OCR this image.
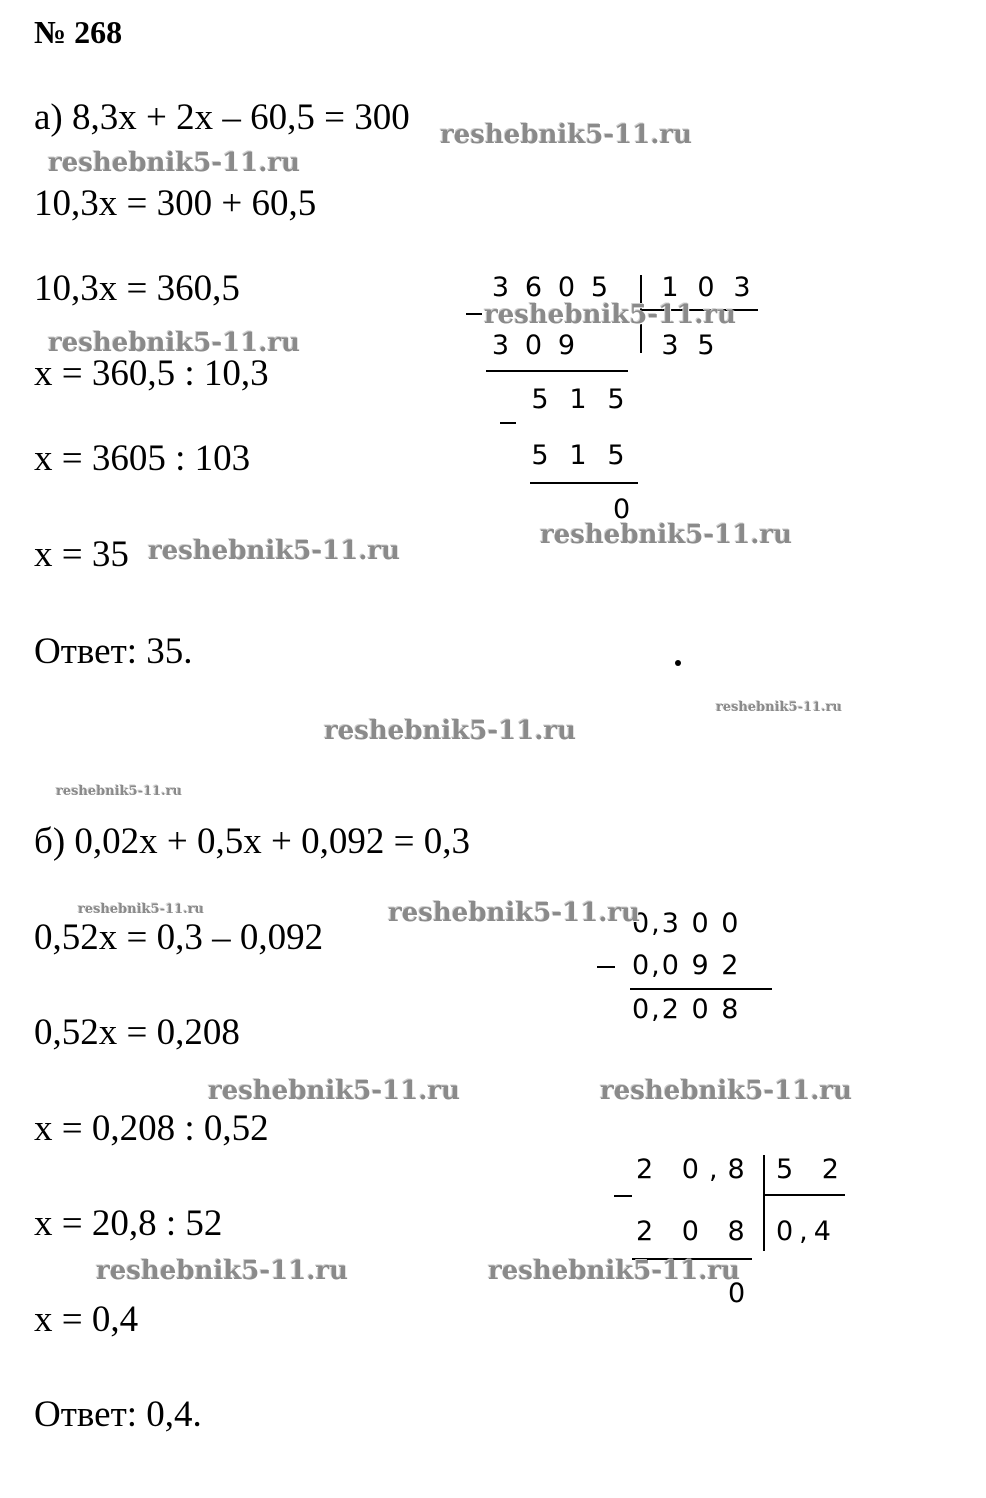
№ 268
а) 8,3x + 2x – 60,5 = 300
10,3x = 300 + 60,5
10,3x = 360,5
x = 360,5 : 10,3
x = 3605 : 103
x = 35
Ответ: 35.
3 6 0 5	1 0 3
3 0 9	3 5
5 1 5
5 1 5
0
б) 0,02x + 0,5x + 0,092 = 0,3
0,52x = 0,3 – 0,092
0,52x = 0,208
x = 0,208 : 0,52
x = 20,8 : 52
x = 0,4
Ответ: 0,4.
0,3 0 0
0,0 9 2
0,2 0 8
2 0,8 5 2
2 0 8 0,4
0
reshebnik5-11.ru
reshebnik5-11.ru
reshebnik5-11.ru
reshebnik5-11.ru
reshebnik5-11.ru
reshebnik5-11.ru
reshebnik5-11.ru
reshebnik5-11.ru
reshebnik5-11.ru
reshebnik5-11.ru	reshebnik5-11.ru
reshebnik5-11.ru	reshebnik5-11.ru
reshebnik5-11.ru	reshebnik5-11.ru
